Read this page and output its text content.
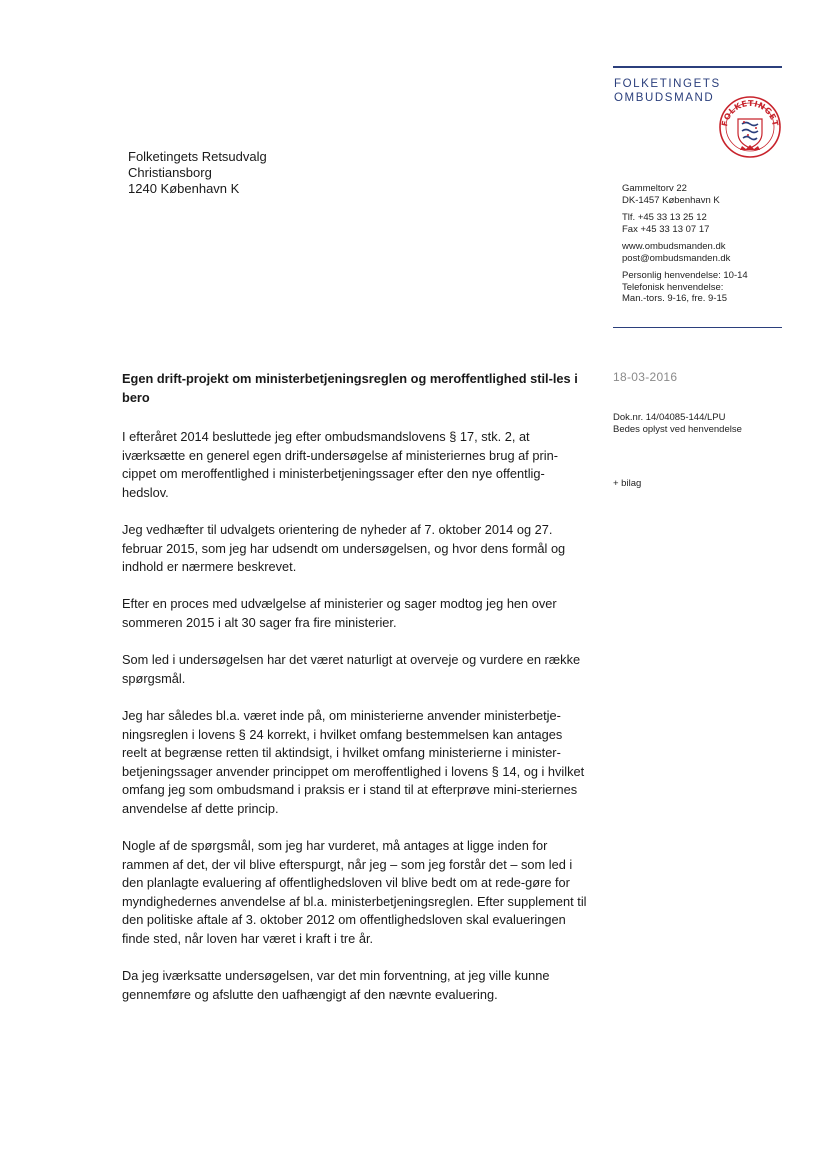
FOLKETINGETS
OMBUDSMAND
FOLKETINGET
Folketingets Retsudvalg
Christiansborg
1240 København K	Gammeltorv 22
DK-1457 København K
Tlf. +45 33 13 25 12
Fax +45 33 13 07 17
www.ombudsmanden.dk
post@ombudsmanden.dk
Personlig henvendelse: 10-14
Telefonisk henvendelse:
Man.-tors. 9-16, fre. 9-15
18-03-2016
Dok.nr. 14/04085-144/LPU
Bedes oplyst ved henvendelse
+ bilag
Egen drift-projekt om ministerbetjeningsreglen og meroffentlighed stil-les i bero

I efteråret 2014 besluttede jeg efter ombudsmandslovens § 17, stk. 2, at iværksætte en generel egen drift-undersøgelse af ministeriernes brug af prin-cippet om meroffentlighed i ministerbetjeningssager efter den nye offentlig-hedslov.

Jeg vedhæfter til udvalgets orientering de nyheder af 7. oktober 2014 og 27. februar 2015, som jeg har udsendt om undersøgelsen, og hvor dens formål og indhold er nærmere beskrevet.

Efter en proces med udvælgelse af ministerier og sager modtog jeg hen over sommeren 2015 i alt 30 sager fra fire ministerier.

Som led i undersøgelsen har det været naturligt at overveje og vurdere en række spørgsmål.

Jeg har således bl.a. været inde på, om ministerierne anvender ministerbetje-ningsreglen i lovens § 24 korrekt, i hvilket omfang bestemmelsen kan antages reelt at begrænse retten til aktindsigt, i hvilket omfang ministerierne i minister-betjeningssager anvender princippet om meroffentlighed i lovens § 14, og i hvilket omfang jeg som ombudsmand i praksis er i stand til at efterprøve mini-steriernes anvendelse af dette princip.

Nogle af de spørgsmål, som jeg har vurderet, må antages at ligge inden for rammen af det, der vil blive efterspurgt, når jeg – som jeg forstår det – som led i den planlagte evaluering af offentlighedsloven vil blive bedt om at rede-gøre for myndighedernes anvendelse af bl.a. ministerbetjeningsreglen. Efter supplement til den politiske aftale af 3. oktober 2012 om offentlighedsloven skal evalueringen finde sted, når loven har været i kraft i tre år.

Da jeg iværksatte undersøgelsen, var det min forventning, at jeg ville kunne gennemføre og afslutte den uafhængigt af den nævnte evaluering.
